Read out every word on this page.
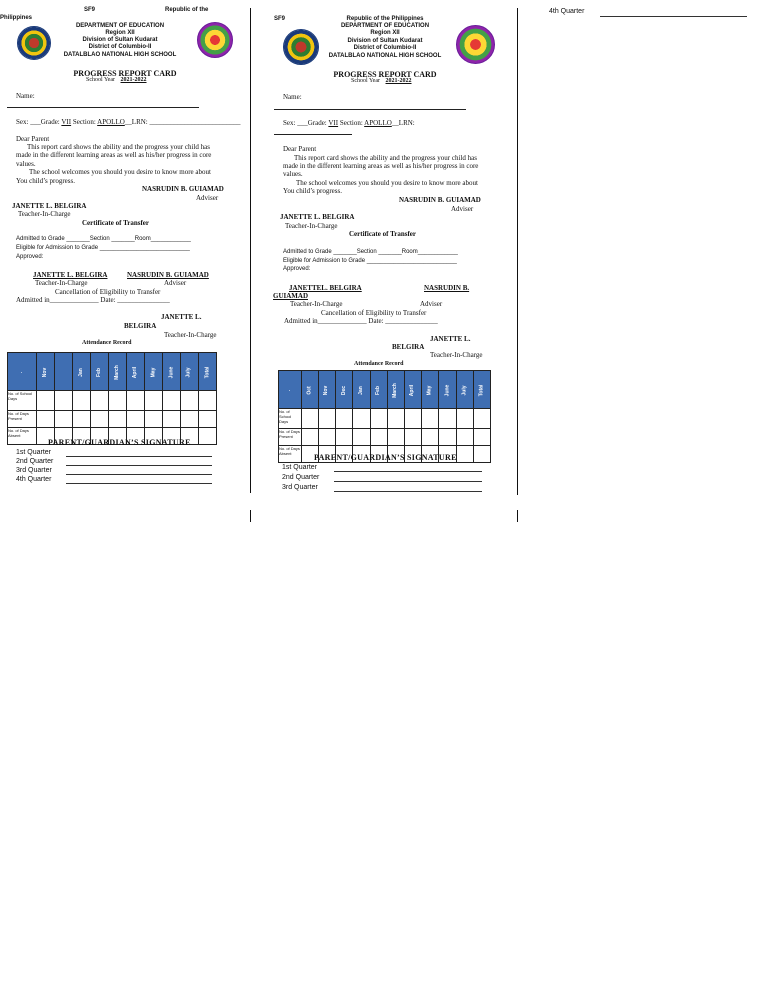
SF9	Republic of the
Philippines
DEPARTMENT OF EDUCATION
Region XII
Division of Sultan Kudarat
District of Columbio-II
DATALBLAO NATIONAL HIGH SCHOOL
PROGRESS REPORT CARD
School Year 2021-2022
Name:
Sex: ___Grade: VII Section: APOLLO__LRN: __________________________
Dear Parent
This report card shows the ability and the progress your child has
made in the different learning areas as well as his/her progress in core
values.
The school welcomes you should you desire to know more about
You child’s progress.
NASRUDIN B. GUIAMAD
Adviser
JANETTE L. BELGIRA
Teacher-In-Charge
Certificate of Transfer
Admitted to Grade _______Section _______Room____________
Eligible for Admission to Grade ___________________________
Approved:
JANETTE L. BELGIRA	NASRUDIN B. GUIAMAD
Teacher-In-Charge	Adviser
Cancellation of Eligibility to Transfer
Admitted in______________ Date: _______________
JANETTE L.
BELGIRA
Teacher-In-Charge
Attendance Record
.	Nov		Jan	Feb	March	April	May	June	July	Total
No. of School Days										
No. of Days Present										
No. of Days Absent										
PARENT/GUARDIAN’S SIGNATURE
1st Quarter
2nd Quarter
3rd Quarter
4th Quarter
SF9	Republic of the Philippines
DEPARTMENT OF EDUCATION
Region XII
Division of Sultan Kudarat
District of Columbio-II
DATALBLAO NATIONAL HIGH SCHOOL
PROGRESS REPORT CARD
School Year 2021-2022
Name:
Sex: ___Grade: VII Section: APOLLO__LRN:
Dear Parent
This report card shows the ability and the progress your child has
made in the different learning areas as well as his/her progress in core
values.
The school welcomes you should you desire to know more about
You child’s progress.
NASRUDIN B. GUIAMAD
Adviser
JANETTE L. BELGIRA
Teacher-In-Charge
Certificate of Transfer
Admitted to Grade _______Section _______Room____________
Eligible for Admission to Grade ___________________________
Approved:
JANETTEL. BELGIRA	NASRUDIN B.
GUIAMAD
Teacher-In-Charge	Adviser
Cancellation of Eligibility to Transfer
Admitted in______________ Date: _______________
JANETTE L.
BELGIRA
Teacher-In-Charge
Attendance Record
.	Oct	Nov	Dec	Jan	Feb	March	April	May	June	July	Total
No. of School Days											
No. of Days Present											
No. of Days Absent												PARENT/GUARDIAN’S SIGNATURE
1st Quarter
2nd Quarter
3rd Quarter
4th Quarter
